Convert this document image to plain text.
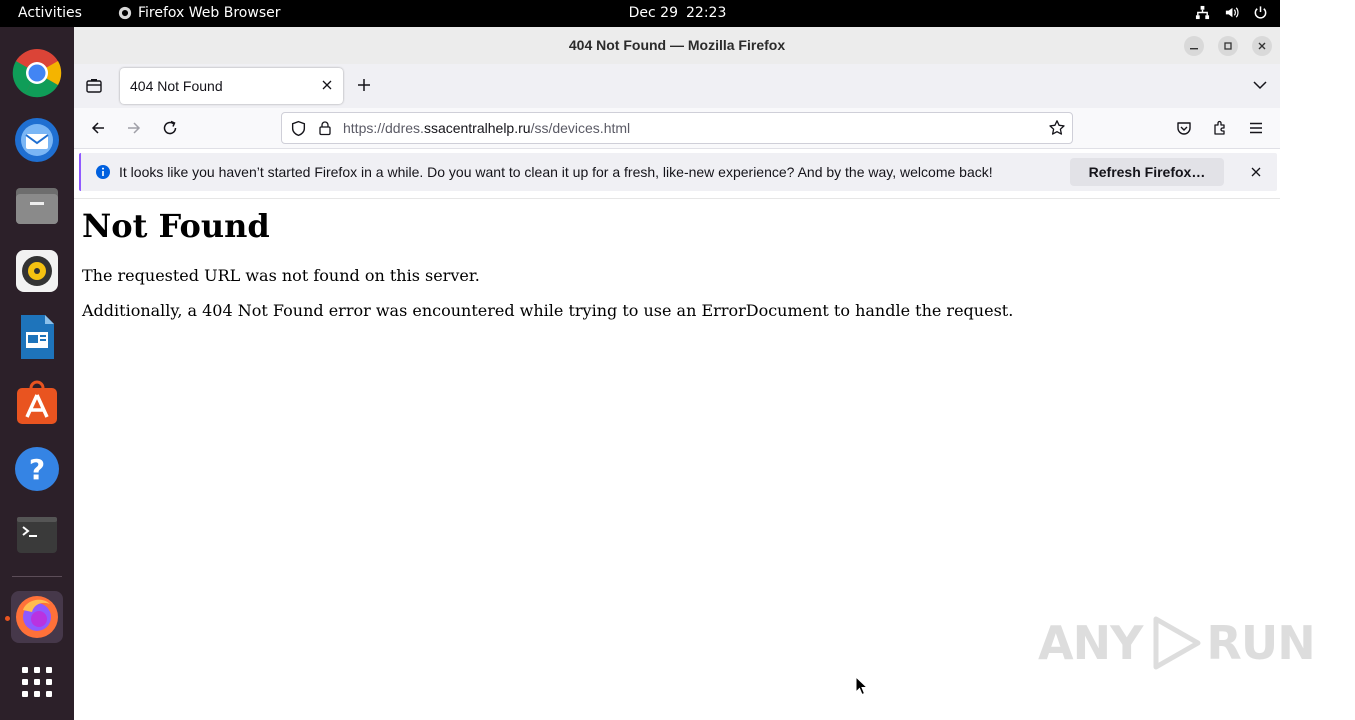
Activities	Firefox Web Browser	Dec 29 22:23
?
404 Not Found — Mozilla Firefox
404 Not Found
https://ddres.ssacentralhelp.ru/ss/devices.html
It looks like you haven’t started Firefox in a while. Do you want to clean it up for a fresh, like-new experience? And by the way, welcome back!	Refresh Firefox…
Not Found

The requested URL was not found on this server.

Additionally, a 404 Not Found error was encountered while trying to use an ErrorDocument to handle the request.

ANY RUN
